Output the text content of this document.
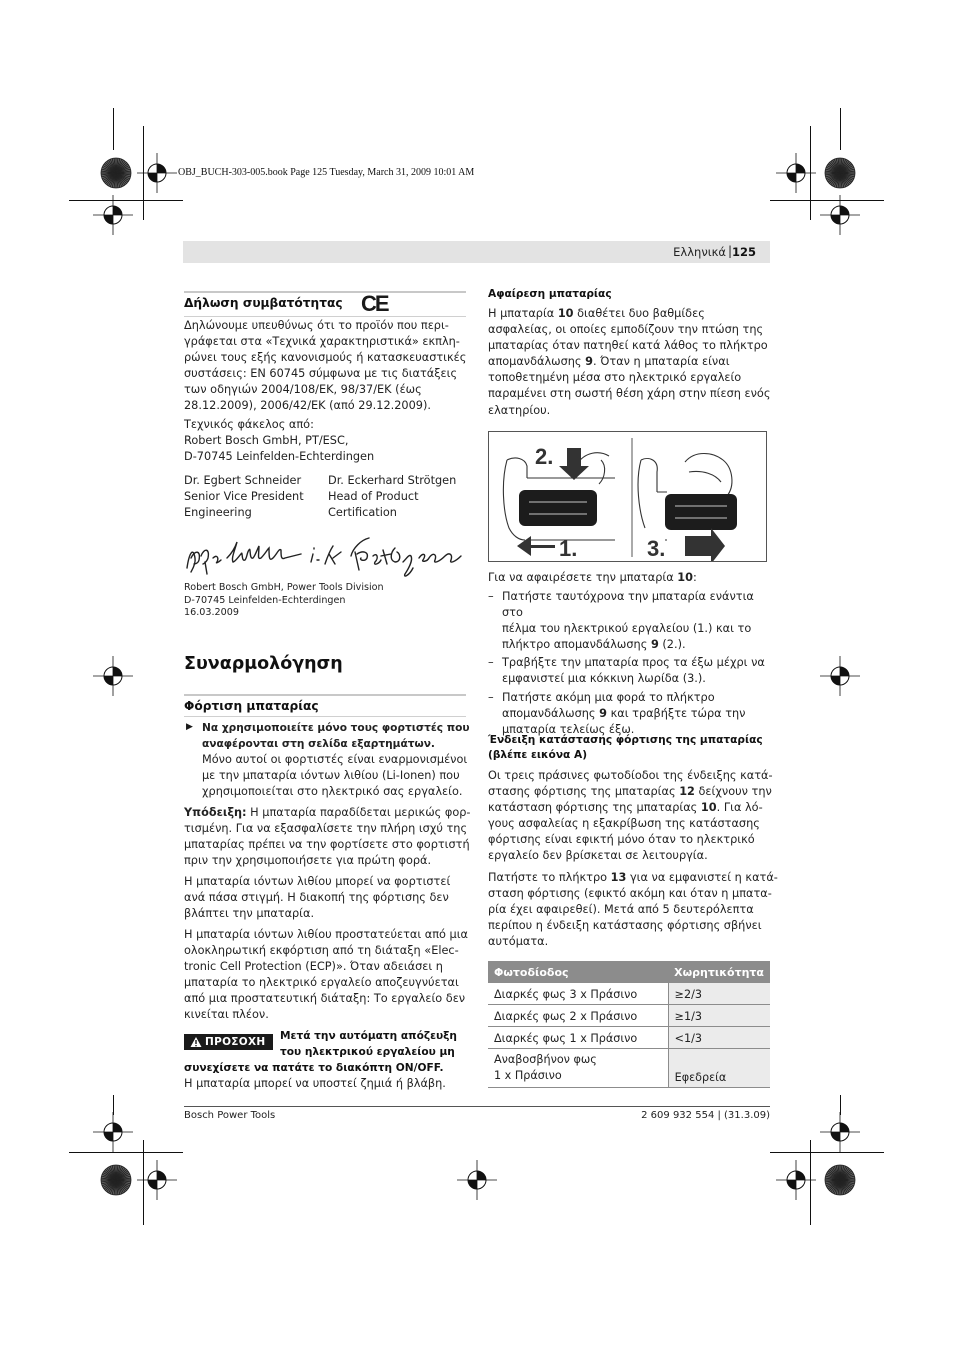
OBJ_BUCH-303-005.book Page 125 Tuesday, March 31, 2009 10:01 AM
Ελληνικά | 125
Δήλωση συμβατότητας CE
Δηλώνουμε υπευθύνως ότι το προϊόν που περι-
γράφεται στα «Τεχνικά χαρακτηριστικά» εκπλη-
ρώνει τους εξής κανονισμούς ή κατασκευαστικές
συστάσεις: EN 60745 σύμφωνα με τις διατάξεις
των οδηγιών 2004/108/ΕΚ, 98/37/ΕΚ (έως
28.12.2009), 2006/42/ΕΚ (από 29.12.2009).
Τεχνικός φάκελος από:
Robert Bosch GmbH, PT/ESC,
D-70745 Leinfelden-Echterdingen
Dr. Egbert Schneider
Senior Vice President
Engineering
Dr. Eckerhard Strötgen
Head of Product
Certification
Robert Bosch GmbH, Power Tools Division
D-70745 Leinfelden-Echterdingen
16.03.2009
Συναρμολόγηση
Φόρτιση μπαταρίας
▶ Να χρησιμοποιείτε μόνο τους φορτιστές που
αναφέρονται στη σελίδα εξαρτημάτων.
Μόνο αυτοί οι φορτιστές είναι εναρμονισμένοι
με την μπαταρία ιόντων λιθίου (Li-Ionen) που
χρησιμοποιείται στο ηλεκτρικό σας εργαλείο.
Υπόδειξη: Η μπαταρία παραδίδεται μερικώς φορ-
τισμένη. Για να εξασφαλίσετε την πλήρη ισχύ της
μπαταρίας πρέπει να την φορτίσετε στο φορτιστή
πριν την χρησιμοποιήσετε για πρώτη φορά.
Η μπαταρία ιόντων λιθίου μπορεί να φορτιστεί
ανά πάσα στιγμή. Η διακοπή της φόρτισης δεν
βλάπτει την μπαταρία.
Η μπαταρία ιόντων λιθίου προστατεύεται από μια
ολοκληρωτική εκφόρτιση από τη διάταξη «Elec-
tronic Cell Protection (ECP)». Όταν αδειάσει η
μπαταρία το ηλεκτρικό εργαλείο αποζευγνύεται
από μια προστατευτική διάταξη: Το εργαλείο δεν
κινείται πλέον.
ΠΡΟΣΟΧΗ Μετά την αυτόματη απόζευξη
του ηλεκτρικού εργαλείου μη
συνεχίσετε να πατάτε το διακόπτη ON/OFF.
Η μπαταρία μπορεί να υποστεί ζημιά ή βλάβη.
Αφαίρεση μπαταρίας
Η μπαταρία 10 διαθέτει δυο βαθμίδες
ασφαλείας, οι οποίες εμποδίζουν την πτώση της
μπαταρίας όταν πατηθεί κατά λάθος το πλήκτρο
απομανδάλωσης 9. Όταν η μπαταρία είναι
τοποθετημένη μέσα στο ηλεκτρικό εργαλείο
παραμένει στη σωστή θέση χάρη στην πίεση ενός
ελατηρίου.
2.
1.	3.
Για να αφαιρέσετε την μπαταρία 10:
– Πατήστε ταυτόχρονα την μπαταρία ενάντια στο
πέλμα του ηλεκτρικού εργαλείου (1.) και το
πλήκτρο απομανδάλωσης 9 (2.).
– Τραβήξτε την μπαταρία προς τα έξω μέχρι να
εμφανιστεί μια κόκκινη λωρίδα (3.).
– Πατήστε ακόμη μια φορά το πλήκτρο
απομανδάλωσης 9 και τραβήξτε τώρα την
μπαταρία τελείως έξω.
Ένδειξη κατάστασης φόρτισης της μπαταρίας
(βλέπε εικόνα A)
Οι τρεις πράσινες φωτοδίοδοι της ένδειξης κατά-
στασης φόρτισης της μπαταρίας 12 δείχνουν την
κατάσταση φόρτισης της μπαταρίας 10. Για λό-
γους ασφαλείας η εξακρίβωση της κατάστασης
φόρτισης είναι εφικτή μόνο όταν το ηλεκτρικό
εργαλείο δεν βρίσκεται σε λειτουργία.
Πατήστε το πλήκτρο 13 για να εμφανιστεί η κατά-
σταση φόρτισης (εφικτό ακόμη και όταν η μπατα-
ρία έχει αφαιρεθεί). Μετά από 5 δευτερόλεπτα
περίπου η ένδειξη κατάστασης φόρτισης σβήνει
αυτόματα.
Φωτοδίοδος	Χωρητικότητα
Διαρκές φως 3 x Πράσινο	≥2/3
Διαρκές φως 2 x Πράσινο	≥1/3
Διαρκές φως 1 x Πράσινο	<1/3

Αναβοσβήνον φως
1 x Πράσινο	Εφεδρεία
Bosch Power Tools	2 609 932 554 | (31.3.09)
